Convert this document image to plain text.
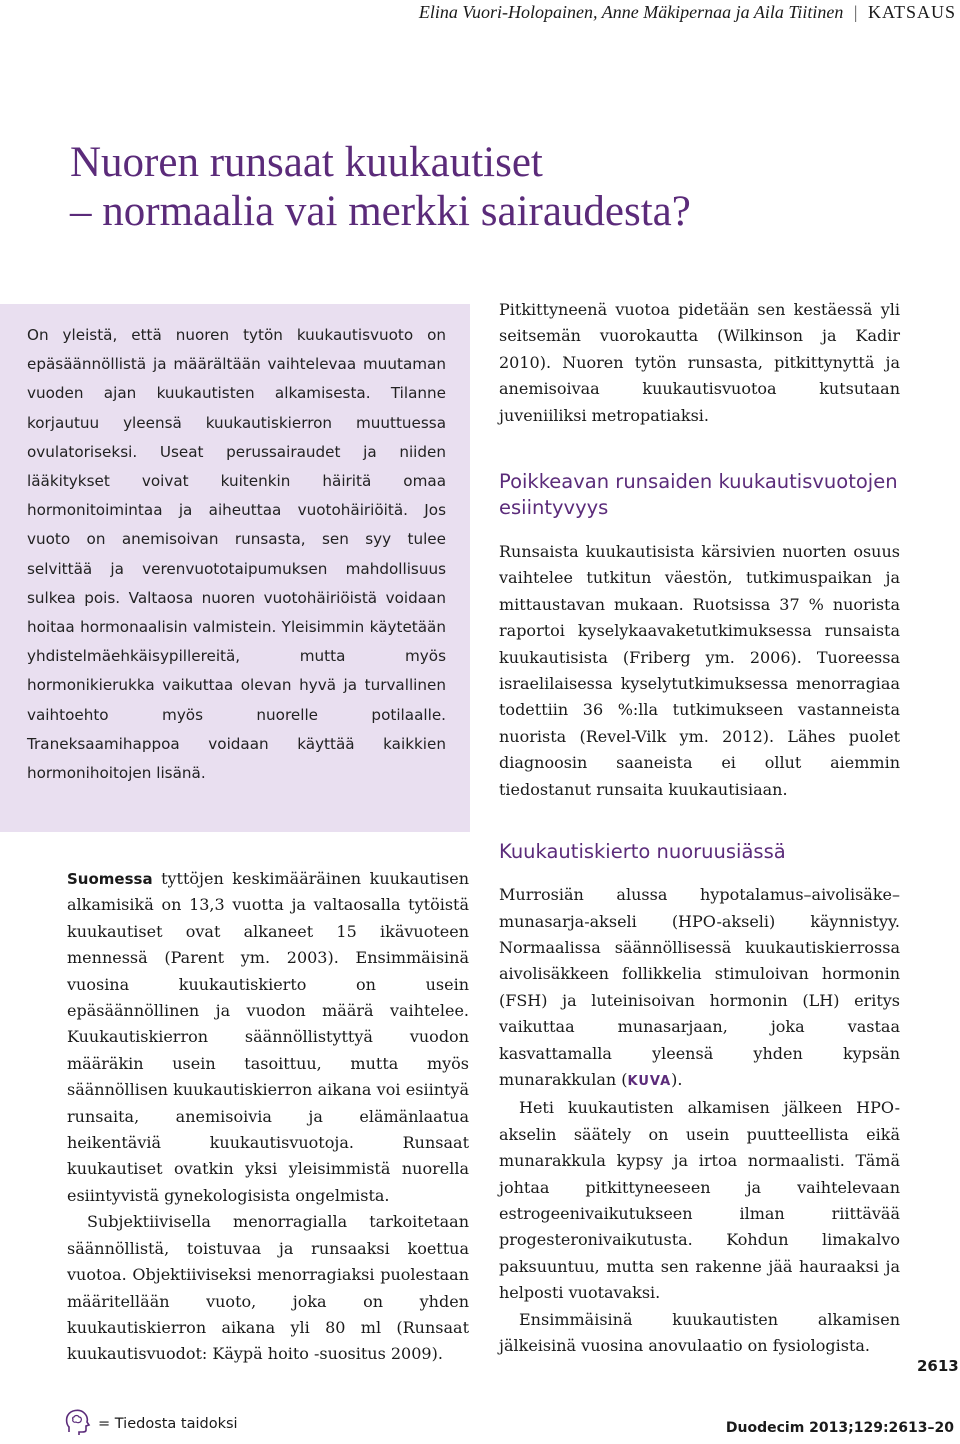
Elina Vuori-Holopainen, Anne Mäkipernaa ja Aila Tiitinen | KATSAUS
Nuoren runsaat kuukautiset
– normaalia vai merkki sairaudesta?

On yleistä, että nuoren tytön kuukautisvuoto on epäsäännöllistä ja määrältään vaihtelevaa muutaman vuoden ajan kuukautisten alkamisesta. Tilanne korjautuu yleensä kuukautiskierron muuttuessa ovulatoriseksi. Useat perussairaudet ja niiden lääkitykset voivat kuitenkin häiritä omaa hormonitoimintaa ja aiheuttaa vuotohäiriöitä. Jos vuoto on anemisoivan runsasta, sen syy tulee selvittää ja verenvuototaipumuksen mahdollisuus sulkea pois. Valtaosa nuoren vuotohäiriöistä voidaan hoitaa hormonaalisin valmistein. Yleisimmin käytetään yhdistelmäehkäisypillereitä, mutta myös hormonikierukka vaikuttaa olevan hyvä ja turvallinen vaihtoehto myös nuorelle potilaalle. Traneksaamihappoa voidaan käyttää kaikkien hormonihoitojen lisänä.

Suomessa tyttöjen keskimääräinen kuukautisen alkamisikä on 13,3 vuotta ja valtaosalla tytöistä kuukautiset ovat alkaneet 15 ikävuoteen mennessä (Parent ym. 2003). Ensimmäisinä vuosina kuukautiskierto on usein epäsäännöllinen ja vuodon määrä vaihtelee. Kuukautiskierron säännöllistyttyä vuodon määräkin usein tasoittuu, mutta myös säännöllisen kuukautiskierron aikana voi esiintyä runsaita, anemisoivia ja elämänlaatua heikentäviä kuukautisvuotoja. Runsaat kuukautiset ovatkin yksi yleisimmistä nuorella esiintyvistä gynekologisista ongelmista.

Subjektiivisella menorragialla tarkoitetaan säännöllistä, toistuvaa ja runsaaksi koettua vuotoa. Objektiiviseksi menorragiaksi puolestaan määritellään vuoto, joka on yhden kuukautiskierron aikana yli 80 ml (Runsaat kuukautisvuodot: Käypä hoito -suositus 2009).

Pitkittyneenä vuotoa pidetään sen kestäessä yli seitsemän vuorokautta (Wilkinson ja Kadir 2010). Nuoren tytön runsasta, pitkittynyttä ja anemisoivaa kuukautisvuotoa kutsutaan juveniiliksi metropatiaksi.

Poikkeavan runsaiden kuukautisvuotojen esiintyvyys

Runsaista kuukautisista kärsivien nuorten osuus vaihtelee tutkitun väestön, tutkimuspaikan ja mittaustavan mukaan. Ruotsissa 37 % nuorista raportoi kyselykaavaketutkimuksessa runsaista kuukautisista (Friberg ym. 2006). Tuoreessa israelilaisessa kyselytutkimuksessa menorragiaa todettiin 36 %:lla tutkimukseen vastanneista nuorista (Revel-Vilk ym. 2012). Lähes puolet diagnoosin saaneista ei ollut aiemmin tiedostanut runsaita kuukautisiaan.

Kuukautiskierto nuoruusiässä

Murrosiän alussa hypotalamus–aivolisäke–munasarja-akseli (HPO-akseli) käynnistyy. Normaalissa säännöllisessä kuukautiskierrossa aivolisäkkeen follikkelia stimuloivan hormonin (FSH) ja luteinisoivan hormonin (LH) eritys vaikuttaa munasarjaan, joka vastaa kasvattamalla yleensä yhden kypsän munarakkulan (KUVA).

Heti kuukautisten alkamisen jälkeen HPO-akselin säätely on usein puutteellista eikä munarakkula kypsy ja irtoa normaalisti. Tämä johtaa pitkittyneeseen ja vaihtelevaan estrogeenivaikutukseen ilman riittävää progesteronivaikutusta. Kohdun limakalvo paksuuntuu, mutta sen rakenne jää hauraaksi ja helposti vuotavaksi.

Ensimmäisinä kuukautisten alkamisen jälkeisinä vuosina anovulaatio on fysiologista.

2613
= Tiedosta taidoksi	Duodecim 2013;129:2613–20
